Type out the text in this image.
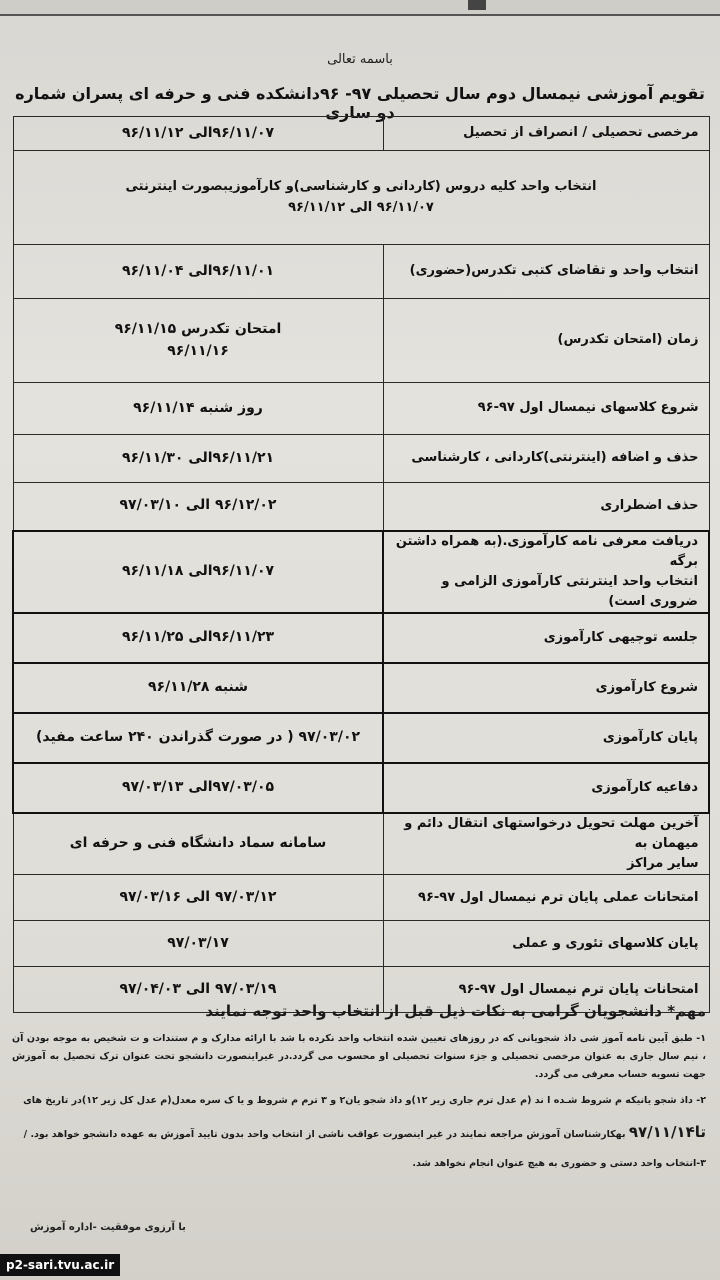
باسمه تعالی
تقویم آموزشی نیمسال دوم سال تحصیلی ۹۷- ۹۶دانشکده فنی و حرفه ای پسران شماره دو ساری
مرخصی تحصیلی / انصراف از تحصیل	۹۶/۱۱/۰۷الی ۹۶/۱۱/۱۲

انتخاب واحد کلیه دروس (کاردانی و کارشناسی)و کارآموزیبصورت اینترنتی
۹۶/۱۱/۰۷ الی ۹۶/۱۱/۱۲	

انتخاب واحد و تقاضای کتبی تکدرس(حضوری)	۹۶/۱۱/۰۱الی ۹۶/۱۱/۰۴
زمان (امتحان تکدرس)	امتحان تکدرس ۹۶/۱۱/۱۵
۹۶/۱۱/۱۶

شروع کلاسهای نیمسال اول ۹۷-۹۶	روز شنبه ۹۶/۱۱/۱۴
حذف و اضافه (اینترنتی)کاردانی ، کارشناسی	۹۶/۱۱/۲۱الی ۹۶/۱۱/۳۰
حذف اضطراری	۹۶/۱۲/۰۲ الی ۹۷/۰۳/۱۰

دریافت معرفی نامه کارآموزی.(به همراه داشتن برگه
انتخاب واحد اینترنتی کارآموزی الزامی و ضروری است)	۹۶/۱۱/۰۷الی ۹۶/۱۱/۱۸
جلسه توجیهی کارآموزی	۹۶/۱۱/۲۳الی ۹۶/۱۱/۲۵
شروع کارآموزی	شنبه ۹۶/۱۱/۲۸
پایان کارآموزی	۹۷/۰۳/۰۲ ( در صورت گذراندن ۲۴۰ ساعت مفید)
دفاعیه کارآموزی	۹۷/۰۳/۰۵الی ۹۷/۰۳/۱۳

آخرین مهلت تحویل درخواستهای انتقال دائم و میهمان به
سایر مراکز	سامانه سماد دانشگاه فنی و حرفه ای
امتحانات عملی پایان ترم نیمسال اول ۹۷-۹۶	۹۷/۰۳/۱۲ الی ۹۷/۰۳/۱۶
پایان کلاسهای تئوری و عملی	۹۷/۰۳/۱۷
امتحانات پایان ترم نیمسال اول ۹۷-۹۶	۹۷/۰۳/۱۹ الی ۹۷/۰۴/۰۳
مهم* دانشجویان گرامی به نکات ذیل قبل از انتخاب واحد توجه نمایند
۱- طبق آیین نامه آموز شی داذ شجویانی که در روزهای تعیین شده انتخاب واحد نکرده با شد با ارائه مدارک و م ستندات و ت شخیص به موجه بودن آن ، نیم سال جاری به عنوان مرخصی تحصیلی و جزء سنوات تحصیلی او محسوب می گردد.در غیراینصورت دانشجو تحت عنوان ترک تحصیل به آموزش جهت تسویه حساب معرفی می گردد.
۲- داذ شجو یانیکه م شروط شـده ا ند (م عدل ترم جاری زیر ۱۲)و داذ شجو یان۲ و ۳ ترم م شروط و یا ک سره معدل(م عدل کل زیر ۱۲)در تاریخ های
تا۹۷/۱۱/۱۴ بهکارشناسان آموزش مراجعه نمایند در غیر اینصورت عواقب ناشی از انتخاب واحد بدون تایید آموزش به عهده دانشجو خواهد بود. /
۳-انتخاب واحد دستی و حضوری به هیچ عنوان انجام نخواهد شد.
با آرزوی موفقیت -اداره آموزش
p2-sari.tvu.ac.ir
